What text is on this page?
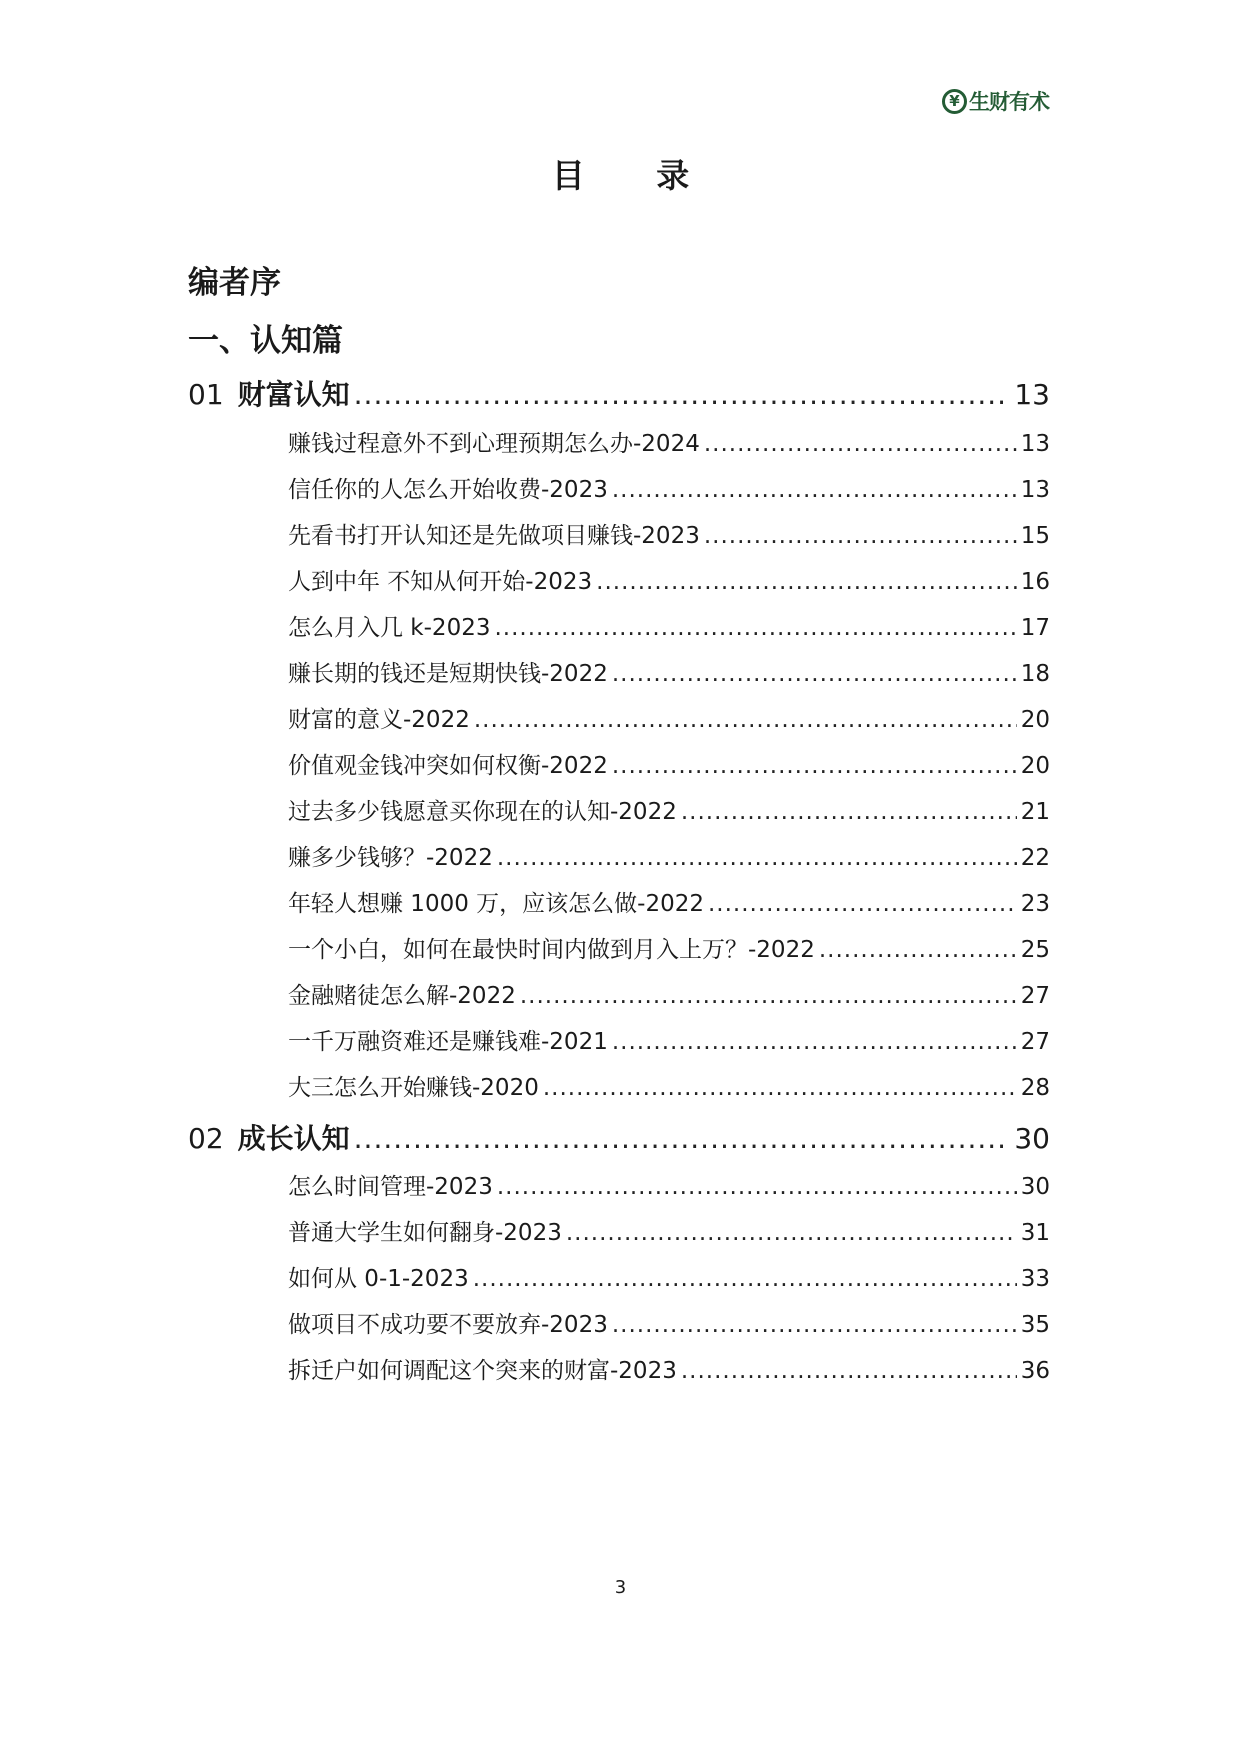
¥ 生财有术
目 录
编者序
一、认知篇
01 财富认知 .....	13
赚钱过程意外不到心理预期怎么办-2024 .....	13
信任你的人怎么开始收费-2023 .....	13
先看书打开认知还是先做项目赚钱-2023 .....	15
人到中年 不知从何开始-2023 .....	16
怎么月入几 k-2023 .....	17
赚长期的钱还是短期快钱-2022 .....	18
财富的意义-2022 .....	20
价值观金钱冲突如何权衡-2022 .....	20
过去多少钱愿意买你现在的认知-2022 .....	21
赚多少钱够？-2022 .....	22
年轻人想赚 1000 万，应该怎么做-2022 .....	23
一个小白，如何在最快时间内做到月入上万？-2022 .....	25
金融赌徒怎么解-2022 .....	27
一千万融资难还是赚钱难-2021 .....	27
大三怎么开始赚钱-2020 .....	28
02 成长认知 .....	30
怎么时间管理-2023 .....	30
普通大学生如何翻身-2023 .....	31
如何从 0-1-2023 .....	33
做项目不成功要不要放弃-2023 .....	35
拆迁户如何调配这个突来的财富-2023 .....	36
3
